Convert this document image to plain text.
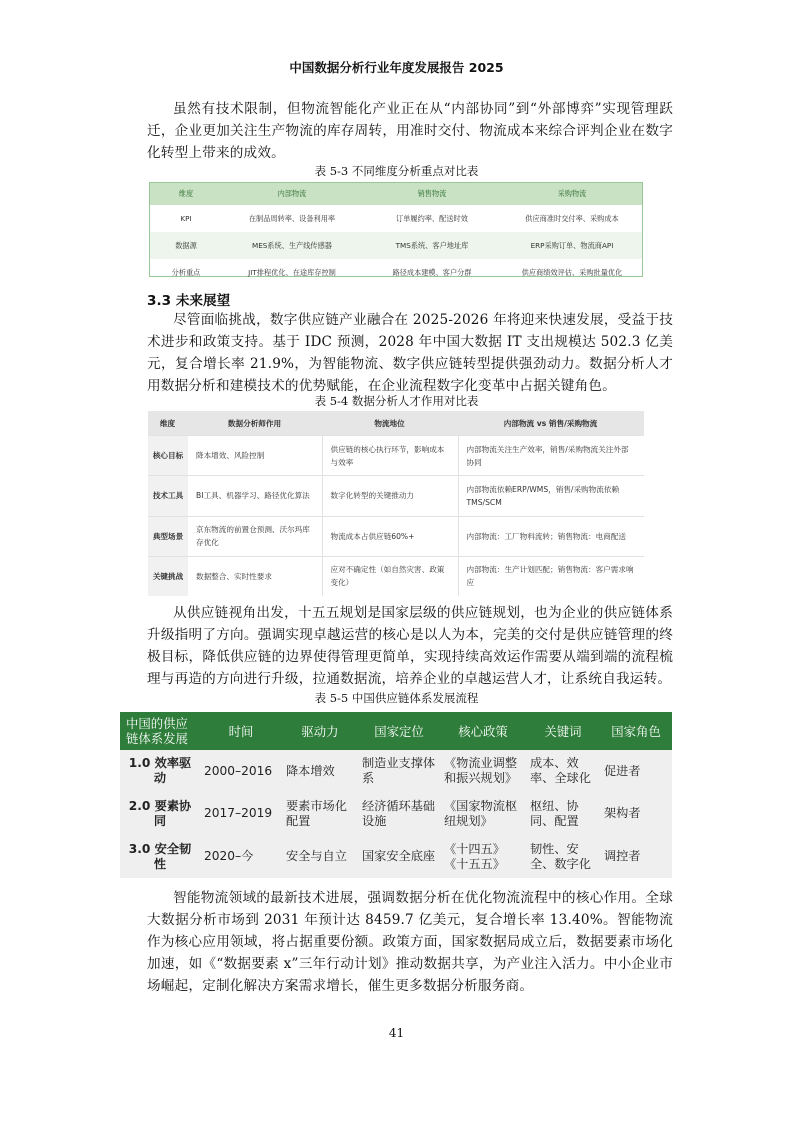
中国数据分析行业年度发展报告 2025
虽然有技术限制，但物流智能化产业正在从“内部协同”到“外部博弈”实现管理跃迁，企业更加关注生产物流的库存周转，用准时交付、物流成本来综合评判企业在数字化转型上带来的成效。
表 5-3 不同维度分析重点对比表
维度	内部物流	销售物流	采购物流
KPI	在制品周转率、设备利用率	订单履约率、配送时效	供应商准时交付率、采购成本
数据源	MES系统、生产线传感器	TMS系统、客户地址库	ERP采购订单、物流商API
分析重点	JIT排程优化、在途库存控制	路径成本建模、客户分群	供应商绩效评估、采购批量优化
3.3 未来展望
尽管面临挑战，数字供应链产业融合在 2025-2026 年将迎来快速发展，受益于技术进步和政策支持。基于 IDC 预测，2028 年中国大数据 IT 支出规模达 502.3 亿美元，复合增长率 21.9%，为智能物流、数字供应链转型提供强劲动力。数据分析人才用数据分析和建模技术的优势赋能，在企业流程数字化变革中占据关键角色。
表 5-4 数据分析人才作用对比表
维度	数据分析师作用	物流地位	内部物流 vs 销售/采购物流
核心目标	降本增效、风险控制	供应链的核心执行环节，影响成本与效率	内部物流关注生产效率，销售/采购物流关注外部协同
技术工具	BI工具、机器学习、路径优化算法	数字化转型的关键推动力	内部物流依赖ERP/WMS，销售/采购物流依赖TMS/SCM
典型场景	京东物流的前置仓预测、沃尔玛库存优化	物流成本占供应链60%+	内部物流：工厂物料流转；销售物流：电商配送
关键挑战	数据整合、实时性要求	应对不确定性（如自然灾害、政策变化）	内部物流：生产计划匹配；销售物流：客户需求响应
从供应链视角出发，十五五规划是国家层级的供应链规划，也为企业的供应链体系升级指明了方向。强调实现卓越运营的核心是以人为本，完美的交付是供应链管理的终极目标，降低供应链的边界使得管理更简单，实现持续高效运作需要从端到端的流程梳理与再造的方向进行升级，拉通数据流，培养企业的卓越运营人才，让系统自我运转。
表 5-5 中国供应链体系发展流程
中国的供应链体系发展	时间	驱动力	国家定位	核心政策	关键词	国家角色
1.0 效率驱动	2000–2016	降本增效	制造业支撑体系	《物流业调整和振兴规划》	成本、效率、全球化	促进者
2.0 要素协同	2017–2019	要素市场化配置	经济循环基础设施	《国家物流枢纽规划》	枢纽、协同、配置	架构者
3.0 安全韧性	2020–今	安全与自立	国家安全底座	《十四五》《十五五》	韧性、安全、数字化	调控者
智能物流领域的最新技术进展，强调数据分析在优化物流流程中的核心作用。全球大数据分析市场到 2031 年预计达 8459.7 亿美元，复合增长率 13.40%。智能物流作为核心应用领域，将占据重要份额。政策方面，国家数据局成立后，数据要素市场化加速，如《“数据要素 x”三年行动计划》推动数据共享，为产业注入活力。中小企业市场崛起，定制化解决方案需求增长，催生更多数据分析服务商。
41
